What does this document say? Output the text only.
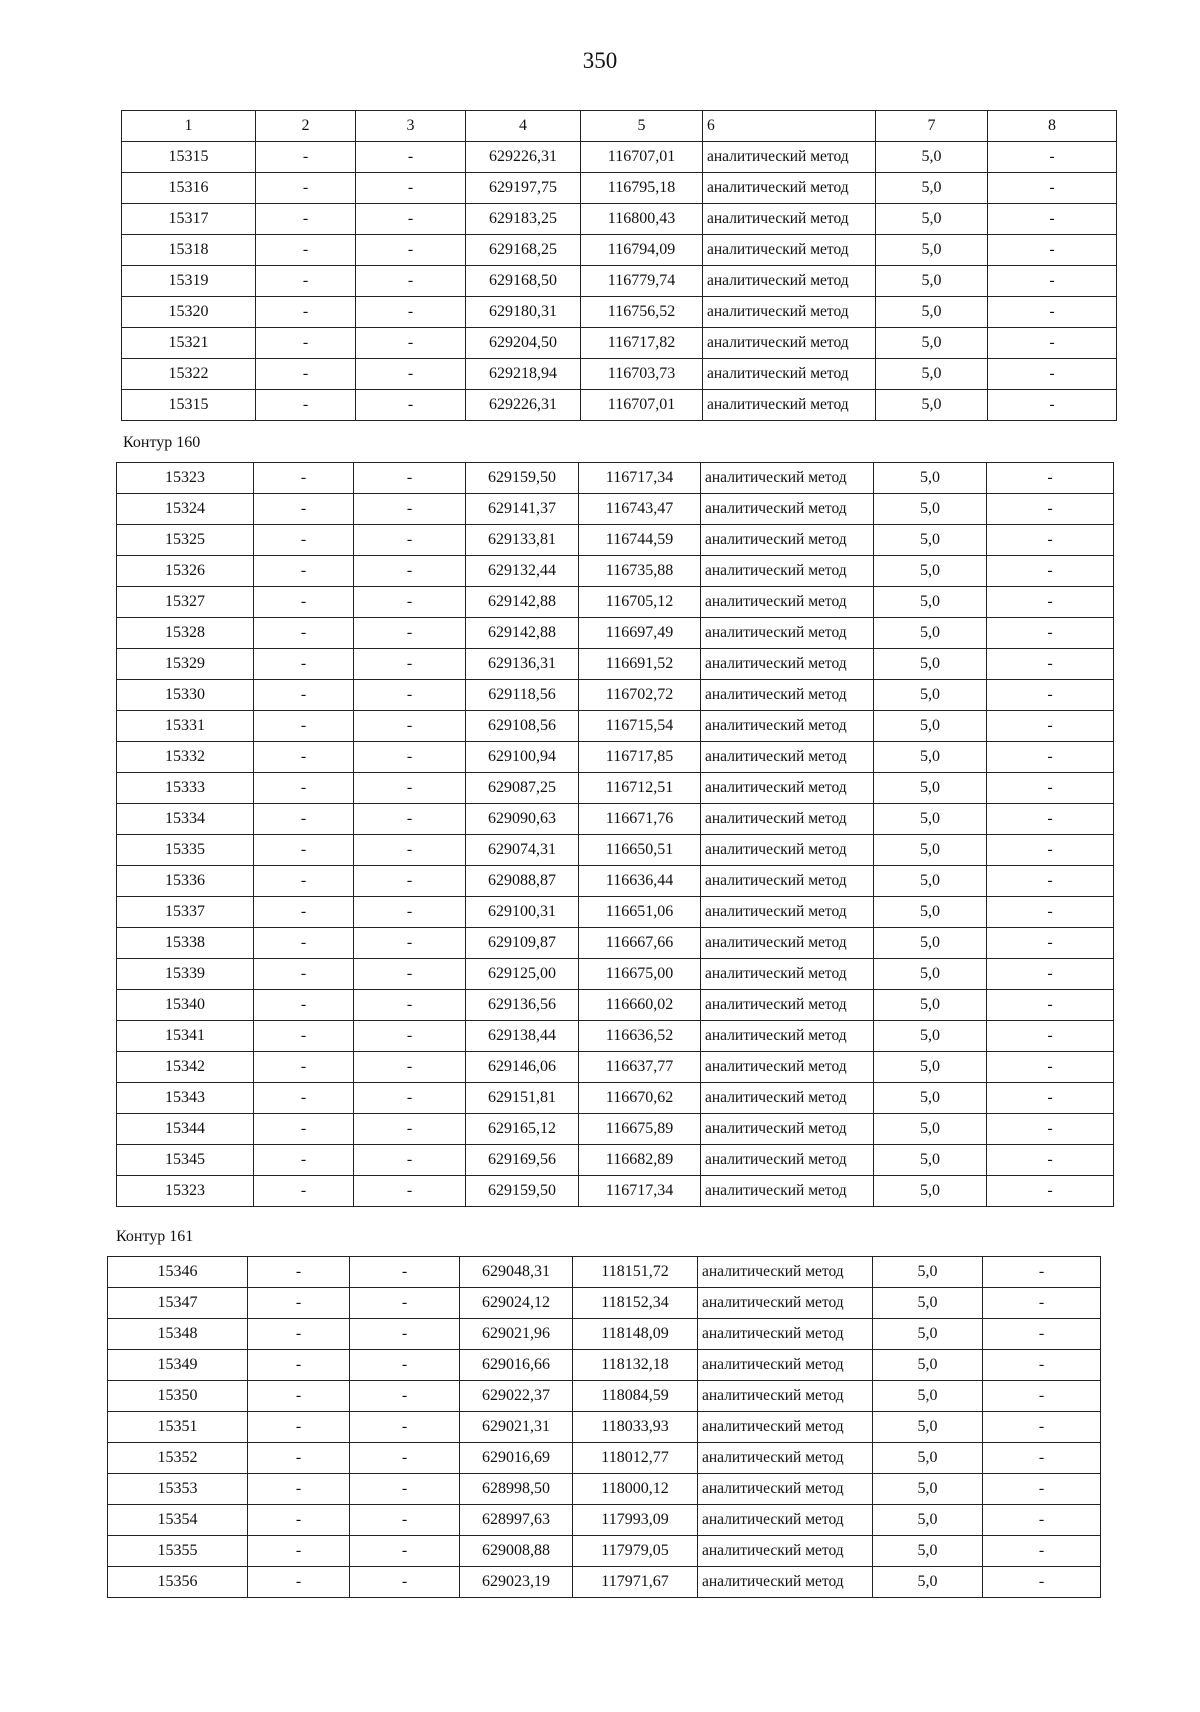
350
1	2	3	4	5	6	7	8
15315	-	-	629226,31	116707,01	аналитический метод	5,0	-
15316	-	-	629197,75	116795,18	аналитический метод	5,0	-
15317	-	-	629183,25	116800,43	аналитический метод	5,0	-
15318	-	-	629168,25	116794,09	аналитический метод	5,0	-
15319	-	-	629168,50	116779,74	аналитический метод	5,0	-
15320	-	-	629180,31	116756,52	аналитический метод	5,0	-
15321	-	-	629204,50	116717,82	аналитический метод	5,0	-
15322	-	-	629218,94	116703,73	аналитический метод	5,0	-
15315	-	-	629226,31	116707,01	аналитический метод	5,0	-
Контур 160
15323	-	-	629159,50	116717,34	аналитический метод	5,0	-
15324	-	-	629141,37	116743,47	аналитический метод	5,0	-
15325	-	-	629133,81	116744,59	аналитический метод	5,0	-
15326	-	-	629132,44	116735,88	аналитический метод	5,0	-
15327	-	-	629142,88	116705,12	аналитический метод	5,0	-
15328	-	-	629142,88	116697,49	аналитический метод	5,0	-
15329	-	-	629136,31	116691,52	аналитический метод	5,0	-
15330	-	-	629118,56	116702,72	аналитический метод	5,0	-
15331	-	-	629108,56	116715,54	аналитический метод	5,0	-
15332	-	-	629100,94	116717,85	аналитический метод	5,0	-
15333	-	-	629087,25	116712,51	аналитический метод	5,0	-
15334	-	-	629090,63	116671,76	аналитический метод	5,0	-
15335	-	-	629074,31	116650,51	аналитический метод	5,0	-
15336	-	-	629088,87	116636,44	аналитический метод	5,0	-
15337	-	-	629100,31	116651,06	аналитический метод	5,0	-
15338	-	-	629109,87	116667,66	аналитический метод	5,0	-
15339	-	-	629125,00	116675,00	аналитический метод	5,0	-
15340	-	-	629136,56	116660,02	аналитический метод	5,0	-
15341	-	-	629138,44	116636,52	аналитический метод	5,0	-
15342	-	-	629146,06	116637,77	аналитический метод	5,0	-
15343	-	-	629151,81	116670,62	аналитический метод	5,0	-
15344	-	-	629165,12	116675,89	аналитический метод	5,0	-
15345	-	-	629169,56	116682,89	аналитический метод	5,0	-
15323	-	-	629159,50	116717,34	аналитический метод	5,0	-
Контур 161
15346	-	-	629048,31	118151,72	аналитический метод	5,0	-
15347	-	-	629024,12	118152,34	аналитический метод	5,0	-
15348	-	-	629021,96	118148,09	аналитический метод	5,0	-
15349	-	-	629016,66	118132,18	аналитический метод	5,0	-
15350	-	-	629022,37	118084,59	аналитический метод	5,0	-
15351	-	-	629021,31	118033,93	аналитический метод	5,0	-
15352	-	-	629016,69	118012,77	аналитический метод	5,0	-
15353	-	-	628998,50	118000,12	аналитический метод	5,0	-
15354	-	-	628997,63	117993,09	аналитический метод	5,0	-
15355	-	-	629008,88	117979,05	аналитический метод	5,0	-
15356	-	-	629023,19	117971,67	аналитический метод	5,0	-
